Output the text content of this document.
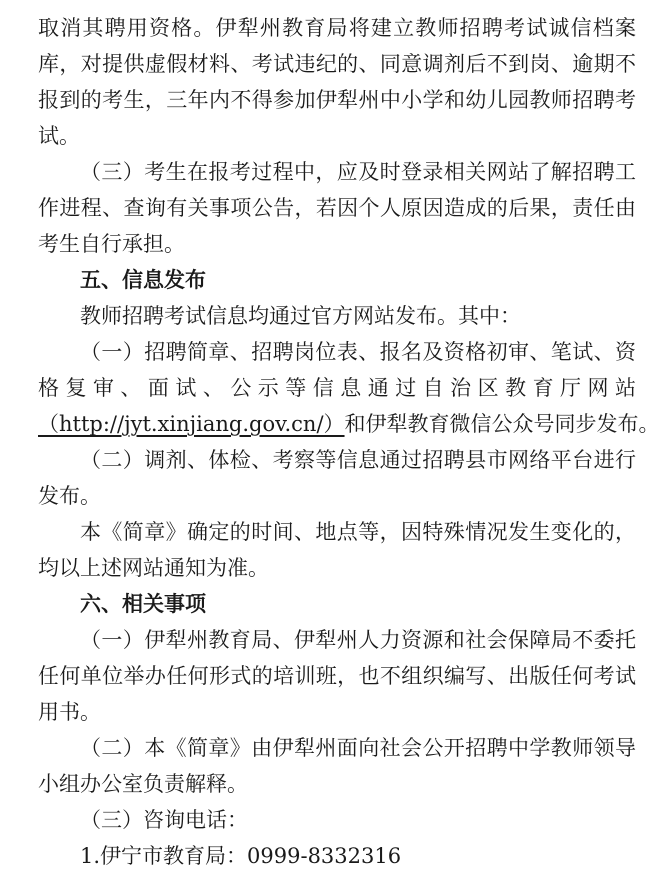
取消其聘用资格。伊犁州教育局将建立教师招聘考试诚信档案
库，对提供虚假材料、考试违纪的、同意调剂后不到岗、逾期不
报到的考生，三年内不得参加伊犁州中小学和幼儿园教师招聘考
试。
（三）考生在报考过程中，应及时登录相关网站了解招聘工
作进程、查询有关事项公告，若因个人原因造成的后果，责任由
考生自行承担。
五、信息发布
教师招聘考试信息均通过官方网站发布。其中：
（一）招聘简章、招聘岗位表、报名及资格初审、笔试、资
格复审、面试、公示等信息通过自治区教育厅网站
（http://jyt.xinjiang.gov.cn/）和伊犁教育微信公众号同步发布。
（二）调剂、体检、考察等信息通过招聘县市网络平台进行
发布。
本《简章》确定的时间、地点等，因特殊情况发生变化的，
均以上述网站通知为准。
六、相关事项
（一）伊犁州教育局、伊犁州人力资源和社会保障局不委托
任何单位举办任何形式的培训班，也不组织编写、出版任何考试
用书。
（二）本《简章》由伊犁州面向社会公开招聘中学教师领导
小组办公室负责解释。
（三）咨询电话：
1.伊宁市教育局：0999-8332316
